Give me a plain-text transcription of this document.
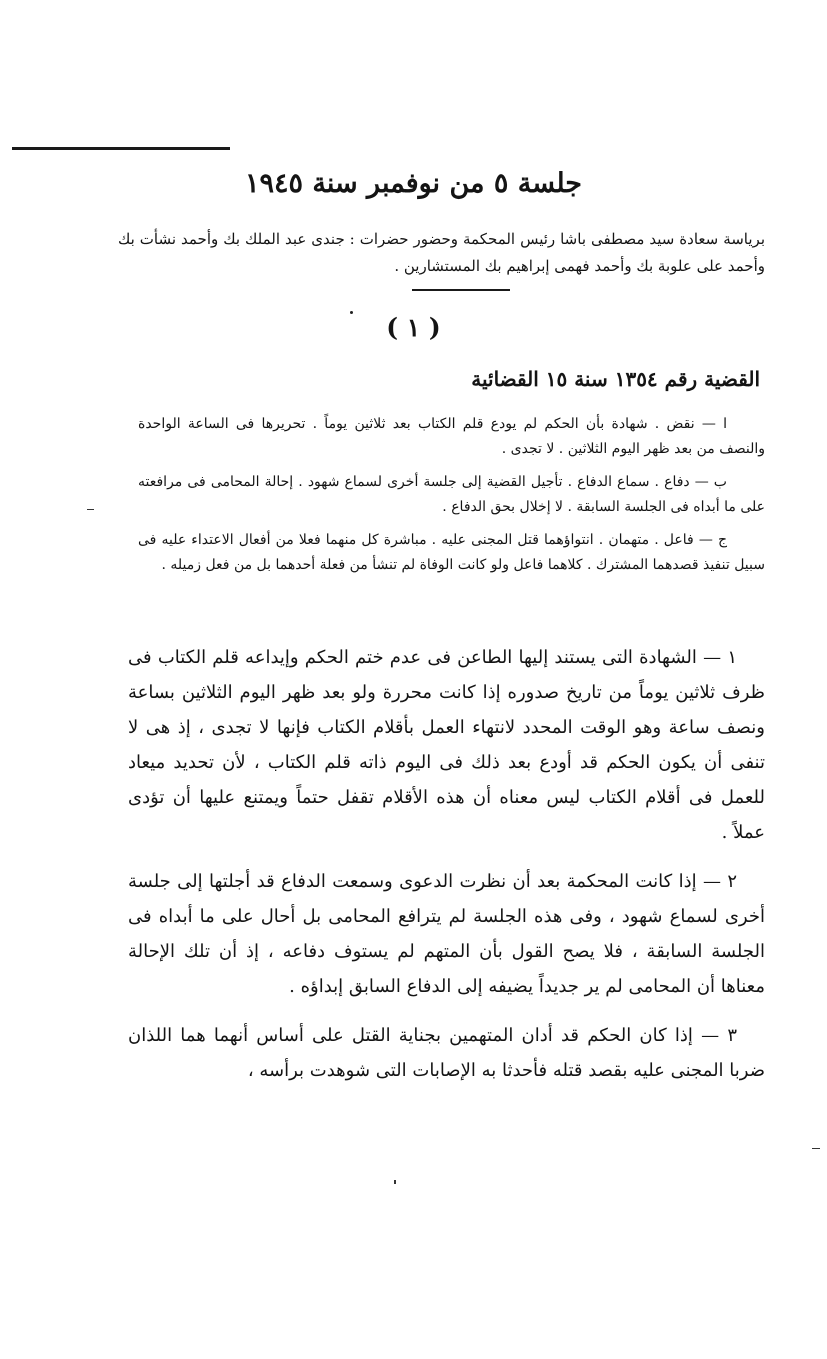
جلسة ٥ من نوفمبر سنة ١٩٤٥
برياسة سعادة سيد مصطفى باشا رئيس المحكمة وحضور حضرات : جندى عبد الملك بك وأحمد نشأت بك وأحمد على علوبة بك وأحمد فهمى إبراهيم بك المستشارين .
( ١ )
القضية رقم ١٣٥٤ سنة ١٥ القضائية

ا — نقض . شهادة بأن الحكم لم يودع قلم الكتاب بعد ثلاثين يوماً . تحريرها فى الساعة الواحدة والنصف من بعد ظهر اليوم الثلاثين . لا تجدى .

ب — دفاع . سماع الدفاع . تأجيل القضية إلى جلسة أخرى لسماع شهود . إحالة المحامى فى مرافعته على ما أبداه فى الجلسة السابقة . لا إخلال بحق الدفاع .

ج — فاعل . متهمان . انتواؤهما قتل المجنى عليه . مباشرة كل منهما فعلا من أفعال الاعتداء عليه فى سبيل تنفيذ قصدهما المشترك . كلاهما فاعل ولو كانت الوفاة لم تنشأ من فعلة أحدهما بل من فعل زميله .

١ — الشهادة التى يستند إليها الطاعن فى عدم ختم الحكم وإيداعه قلم الكتاب فى ظرف ثلاثين يوماً من تاريخ صدوره إذا كانت محررة ولو بعد ظهر اليوم الثلاثين بساعة ونصف ساعة وهو الوقت المحدد لانتهاء العمل بأقلام الكتاب فإنها لا تجدى ، إذ هى لا تنفى أن يكون الحكم قد أودع بعد ذلك فى اليوم ذاته قلم الكتاب ، لأن تحديد ميعاد للعمل فى أقلام الكتاب ليس معناه أن هذه الأقلام تقفل حتماً ويمتنع عليها أن تؤدى عملاً .

٢ — إذا كانت المحكمة بعد أن نظرت الدعوى وسمعت الدفاع قد أجلتها إلى جلسة أخرى لسماع شهود ، وفى هذه الجلسة لم يترافع المحامى بل أحال على ما أبداه فى الجلسة السابقة ، فلا يصح القول بأن المتهم لم يستوف دفاعه ، إذ أن تلك الإحالة معناها أن المحامى لم ير جديداً يضيفه إلى الدفاع السابق إبداؤه .

٣ — إذا كان الحكم قد أدان المتهمين بجناية القتل على أساس أنهما هما اللذان ضربا المجنى عليه بقصد قتله فأحدثا به الإصابات التى شوهدت برأسه ،
